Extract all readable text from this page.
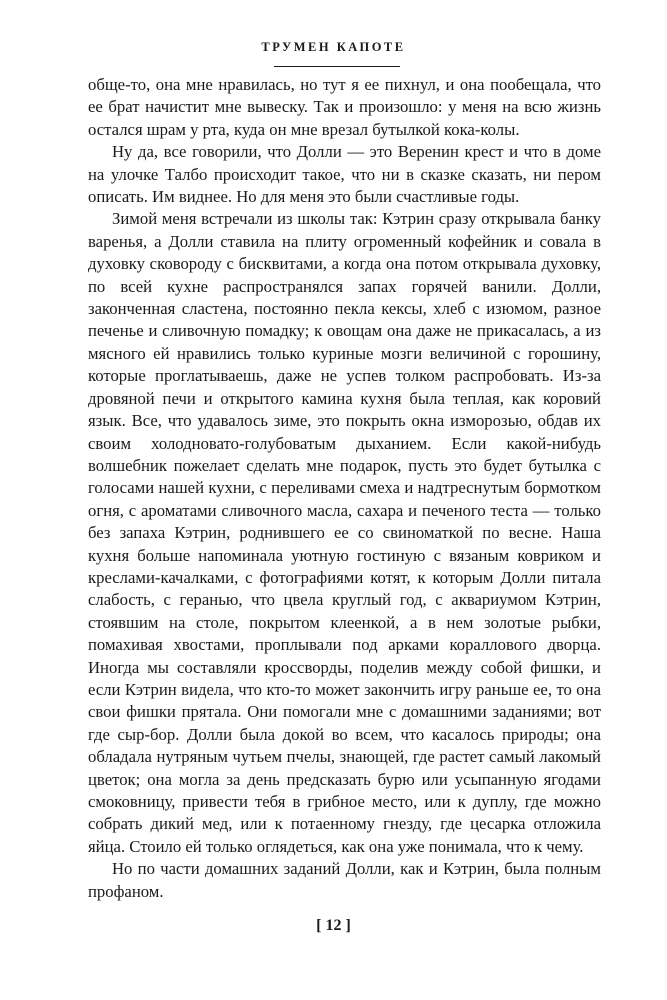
ТРУМЕН КАПОТЕ

обще-то, она мне нравилась, но тут я ее пихнул, и она пообещала, что ее брат начистит мне вывеску. Так и произошло: у меня на всю жизнь остался шрам у рта, куда он мне врезал бутылкой кока-колы.

Ну да, все говорили, что Долли — это Веренин крест и что в доме на улочке Талбо происходит такое, что ни в сказке сказать, ни пером описать. Им виднее. Но для меня это были счастливые годы.

Зимой меня встречали из школы так: Кэтрин сразу открывала банку варенья, а Долли ставила на плиту огроменный кофейник и совала в духовку сковороду с бисквитами, а когда она потом открывала духовку, по всей кухне распространялся запах горячей ванили. Долли, законченная сластена, постоянно пекла кексы, хлеб с изюмом, разное печенье и сливочную помадку; к овощам она даже не прикасалась, а из мясного ей нравились только куриные мозги величиной с горошину, которые проглатываешь, даже не успев толком распробовать. Из-за дровяной печи и открытого камина кухня была теплая, как коровий язык. Все, что удавалось зиме, это покрыть окна изморозью, обдав их своим холодновато-голубоватым дыханием. Если какой-нибудь волшебник пожелает сделать мне подарок, пусть это будет бутылка с голосами нашей кухни, с переливами смеха и надтреснутым бормотком огня, с ароматами сливочного масла, сахара и печеного теста — только без запаха Кэтрин, роднившего ее со свиноматкой по весне. Наша кухня больше напоминала уютную гостиную с вязаным ковриком и креслами-качалками, с фотографиями котят, к которым Долли питала слабость, с геранью, что цвела круглый год, с аквариумом Кэтрин, стоявшим на столе, покрытом клеенкой, а в нем золотые рыбки, помахивая хвостами, проплывали под арками кораллового дворца. Иногда мы составляли кроссворды, поделив между собой фишки, и если Кэтрин видела, что кто-то может закончить игру раньше ее, то она свои фишки прятала. Они помогали мне с домашними заданиями; вот где сыр-бор. Долли была докой во всем, что касалось природы; она обладала нутряным чутьем пчелы, знающей, где растет самый лакомый цветок; она могла за день предсказать бурю или усыпанную ягодами смоковницу, привести тебя в грибное место, или к дуплу, где можно собрать дикий мед, или к потаенному гнезду, где цесарка отложила яйца. Стоило ей только оглядеться, как она уже понимала, что к чему.

Но по части домашних заданий Долли, как и Кэтрин, была полным профаном.

[ 12 ]
